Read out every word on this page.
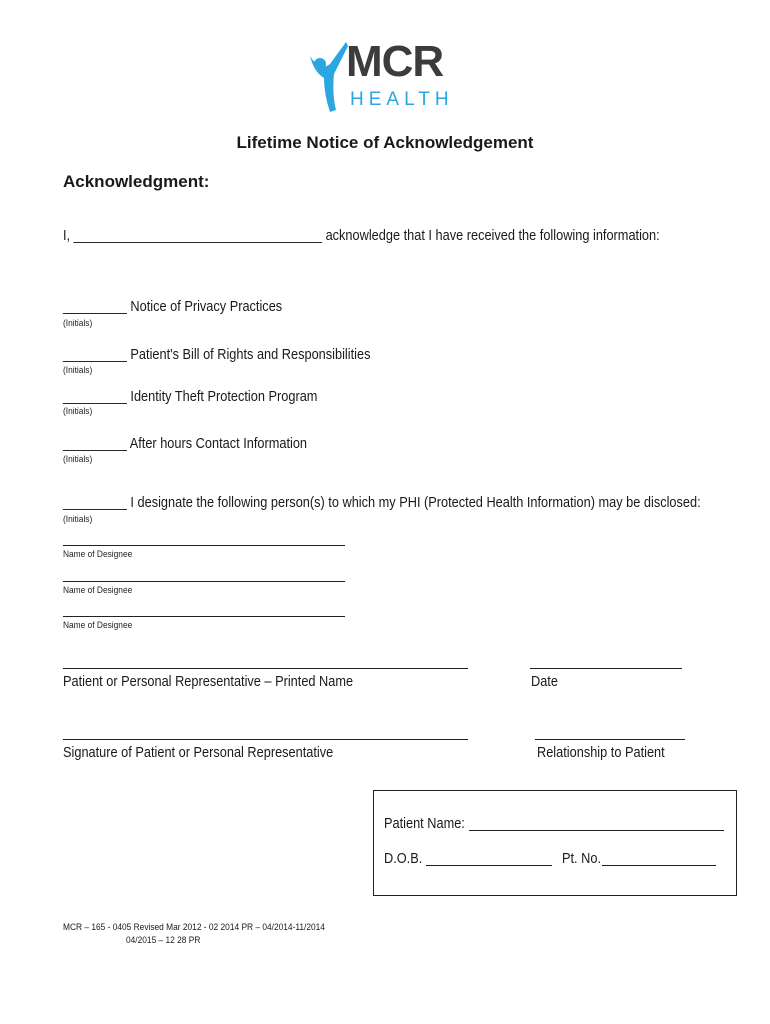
MCR
HEALTH
Lifetime Notice of Acknowledgement
Acknowledgment:
I, ___________________________________ acknowledge that I have received the following information:
_________ Notice of Privacy Practices
(Initials)
_________ Patient's Bill of Rights and Responsibilities
(Initials)
_________ Identity Theft Protection Program
(Initials)
_________ After hours Contact Information
(Initials)
_________ I designate the following person(s) to which my PHI (Protected Health Information) may be disclosed:
(Initials)
Name of Designee
Name of Designee
Name of Designee
Patient or Personal Representative – Printed Name	Date
Signature of Patient or Personal Representative	Relationship to Patient
Patient Name:
D.O.B.	Pt. No.
MCR – 165 - 0405 Revised Mar 2012 - 02 2014 PR – 04/2014-11/2014
04/2015 – 12 28 PR
